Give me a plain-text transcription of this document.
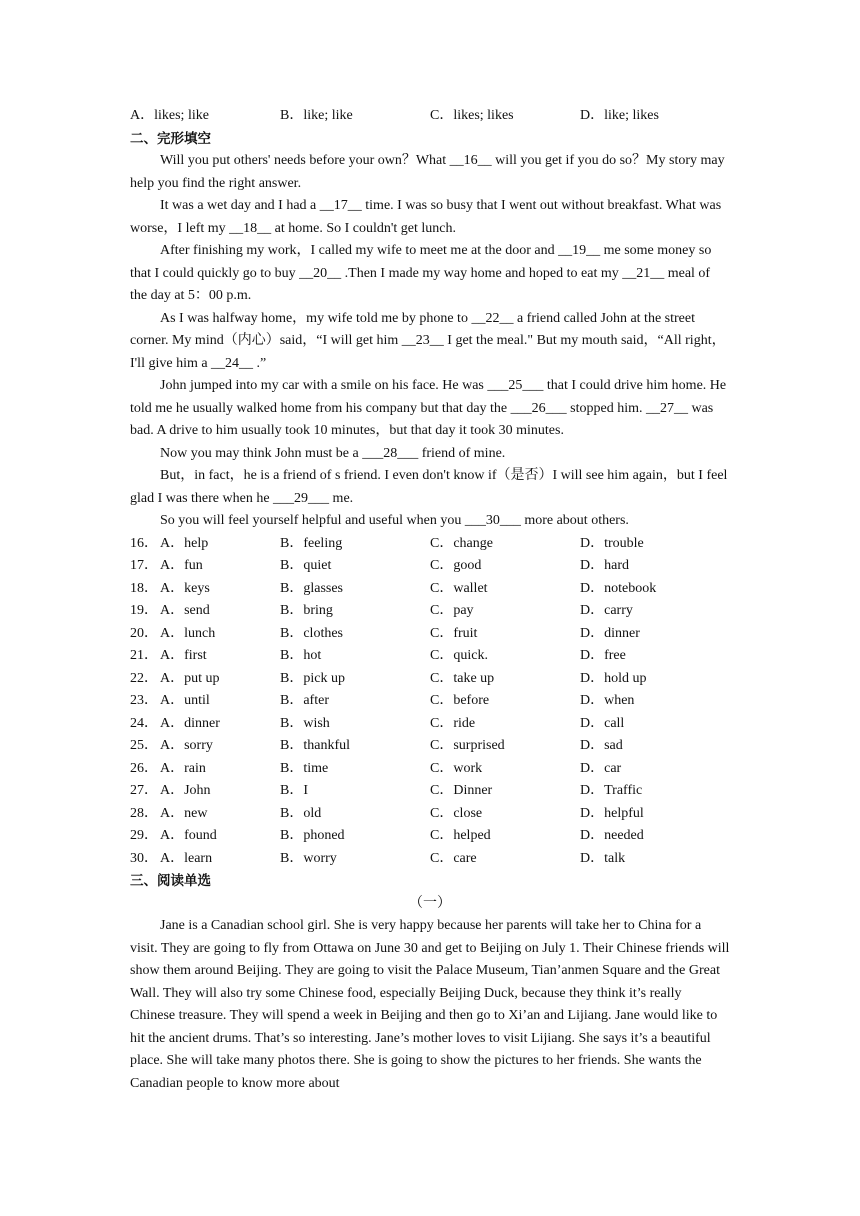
A．likes; like	B．like; like	C．likes; likes	D．like; likes
二、完形填空

Will you put others' needs before your own？What __16__ will you get if you do so？My story may help you find the right answer.

It was a wet day and I had a __17__ time. I was so busy that I went out without breakfast. What was worse，I left my __18__ at home. So I couldn't get lunch.

After finishing my work，I called my wife to meet me at the door and __19__ me some money so that I could quickly go to buy __20__ .Then I made my way home and hoped to eat my __21__ meal of the day at 5：00 p.m.

As I was halfway home，my wife told me by phone to __22__ a friend called John at the street corner. My mind（内心）said，“I will get him __23__ I get the meal." But my mouth said，“All right，I'll give him a __24__ .”

John jumped into my car with a smile on his face. He was ___25___ that I could drive him home. He told me he usually walked home from his company but that day the ___26___ stopped him. __27__ was bad. A drive to him usually took 10 minutes，but that day it took 30 minutes.

Now you may think John must be a ___28___ friend of mine.

But，in fact，he is a friend of s friend. I even don't know if（是否）I will see him again，but I feel glad I was there when he ___29___ me.

So you will feel yourself helpful and useful when you ___30___ more about others.

16． A．help	B．feeling	C．change	D．trouble
17． A．fun	B．quiet	C．good	D．hard
18． A．keys	B．glasses	C．wallet	D．notebook
19． A．send	B．bring	C．pay	D．carry
20． A．lunch	B．clothes	C．fruit	D．dinner
21． A．first	B．hot	C．quick.	D．free
22． A．put up	B．pick up	C．take up	D．hold up
23． A．until	B．after	C．before	D．when
24． A．dinner	B．wish	C．ride	D．call
25． A．sorry	B．thankful	C．surprised	D．sad
26． A．rain	B．time	C．work	D．car
27． A．John	B．I	C．Dinner	D．Traffic
28． A．new	B．old	C．close	D．helpful
29． A．found	B．phoned	C．helped	D．needed
30． A．learn	B．worry	C．care	D．talk
三、阅读单选
（一）

Jane is a Canadian school girl. She is very happy because her parents will take her to China for a visit. They are going to fly from Ottawa on June 30 and get to Beijing on July 1. Their Chinese friends will show them around Beijing. They are going to visit the Palace Museum, Tian’anmen Square and the Great Wall. They will also try some Chinese food, especially Beijing Duck, because they think it’s really Chinese treasure. They will spend a week in Beijing and then go to Xi’an and Lijiang. Jane would like to hit the ancient drums. That’s so interesting. Jane’s mother loves to visit Lijiang. She says it’s a beautiful place. She will take many photos there. She is going to show the pictures to her friends. She wants the Canadian people to know more about
